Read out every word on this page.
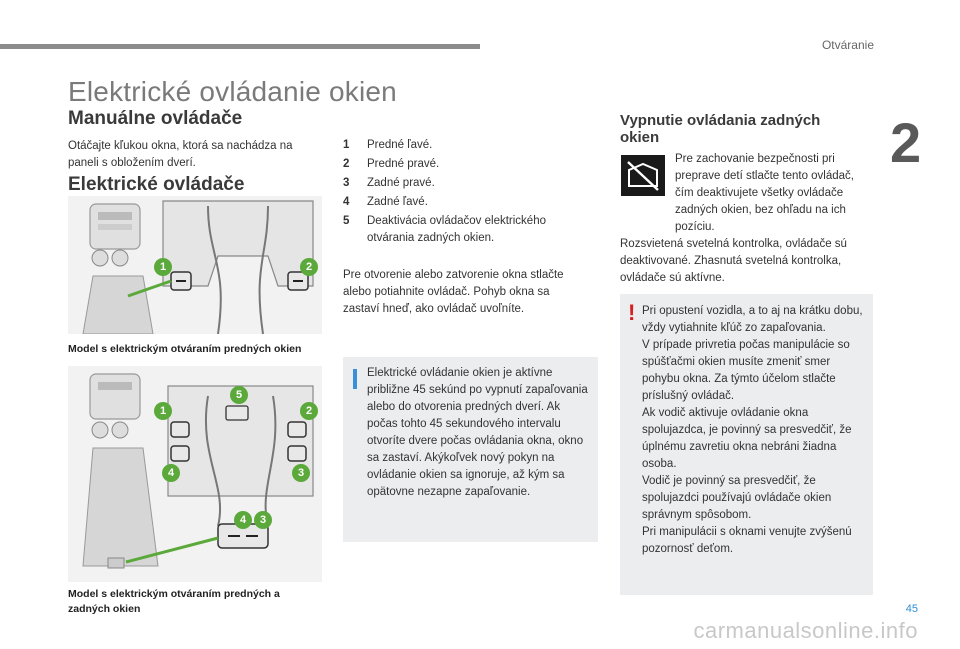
Otváranie
2
Elektrické ovládanie okien
Manuálne ovládače
Otáčajte kľukou okna, ktorá sa nachádza na paneli s obložením dverí.
Elektrické ovládače
1	2
Model s elektrickým otváraním predných okien
5
1	2
4	3
4	3
Model s elektrickým otváraním predných a zadných okien
1	Predné ľavé.
2	Predné pravé.
3	Zadné pravé.
4	Zadné ľavé.
5	Deaktivácia ovládačov elektrického otvárania zadných okien.
Pre otvorenie alebo zatvorenie okna stlačte alebo potiahnite ovládač. Pohyb okna sa zastaví hneď, ako ovládač uvoľníte.
Elektrické ovládanie okien je aktívne približne 45 sekúnd po vypnutí zapaľovania alebo do otvorenia predných dverí. Ak počas tohto 45 sekundového intervalu otvoríte dvere počas ovládania okna, okno sa zastaví. Akýkoľvek nový pokyn na ovládanie okien sa ignoruje, až kým sa opätovne nezapne zapaľovanie.
Vypnutie ovládania zadných okien
Pre zachovanie bezpečnosti pri preprave detí stlačte tento ovládač, čím deaktivujete všetky ovládače zadných okien, bez ohľadu na ich pozíciu.
Rozsvietená svetelná kontrolka, ovládače sú deaktivované. Zhasnutá svetelná kontrolka, ovládače sú aktívne.
! Pri opustení vozidla, a to aj na krátku dobu, vždy vytiahnite kľúč zo zapaľovania.
V prípade privretia počas manipulácie so spúšťačmi okien musíte zmeniť smer pohybu okna. Za týmto účelom stlačte príslušný ovládač.
Ak vodič aktivuje ovládanie okna spolujazdca, je povinný sa presvedčiť, že úplnému zavretiu okna nebráni žiadna osoba.
Vodič je povinný sa presvedčiť, že spolujazdci používajú ovládače okien správnym spôsobom.
Pri manipulácii s oknami venujte zvýšenú pozornosť deťom.
45
carmanualsonline.info
